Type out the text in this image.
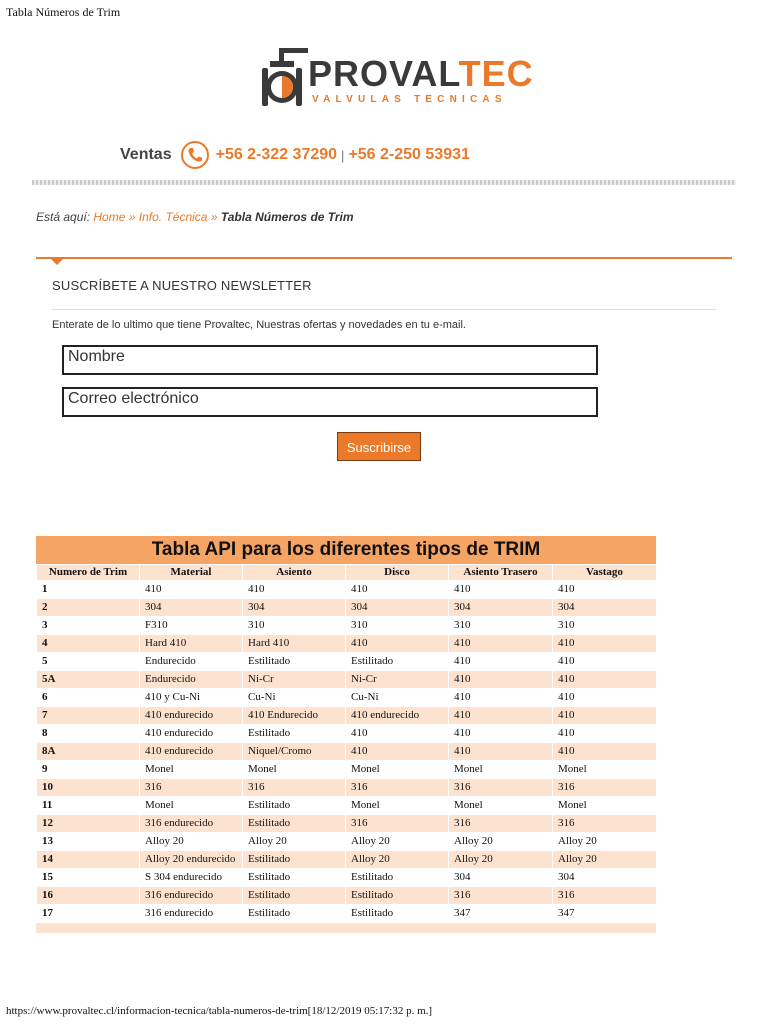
Tabla Números de Trim
PROVALTEC
VALVULAS TECNICAS
Ventas	+56 2-322 37290 | +56 2-250 53931
Está aquí: Home » Info. Técnica » Tabla Números de Trim
SUSCRÍBETE A NUESTRO NEWSLETTER
Enterate de lo ultimo que tiene Provaltec, Nuestras ofertas y novedades en tu e-mail.
Nombre
Correo electrónico
Suscribirse
Tabla API para los diferentes tipos de TRIM
Numero de Trim	Material	Asiento	Disco	Asiento Trasero	Vastago
1	410	410	410	410	410
2	304	304	304	304	304
3	F310	310	310	310	310
4	Hard 410	Hard 410	410	410	410
5	Endurecido	Estilitado	Estilitado	410	410
5A	Endurecido	Ni-Cr	Ni-Cr	410	410
6	410 y Cu-Ni	Cu-Ni	Cu-Ni	410	410
7	410 endurecido	410 Endurecido	410 endurecido	410	410
8	410 endurecido	Estilitado	410	410	410
8A	410 endurecido	Niquel/Cromo	410	410	410
9	Monel	Monel	Monel	Monel	Monel
10	316	316	316	316	316
11	Monel	Estilitado	Monel	Monel	Monel
12	316 endurecido	Estilitado	316	316	316
13	Alloy 20	Alloy 20	Alloy 20	Alloy 20	Alloy 20
14	Alloy 20 endurecido	Estilitado	Alloy 20	Alloy 20	Alloy 20
15	S 304 endurecido	Estilitado	Estilitado	304	304
16	316 endurecido	Estilitado	Estilitado	316	316
17	316 endurecido	Estilitado	Estilitado	347	347
https://www.provaltec.cl/informacion-tecnica/tabla-numeros-de-trim[18/12/2019 05:17:32 p. m.]
